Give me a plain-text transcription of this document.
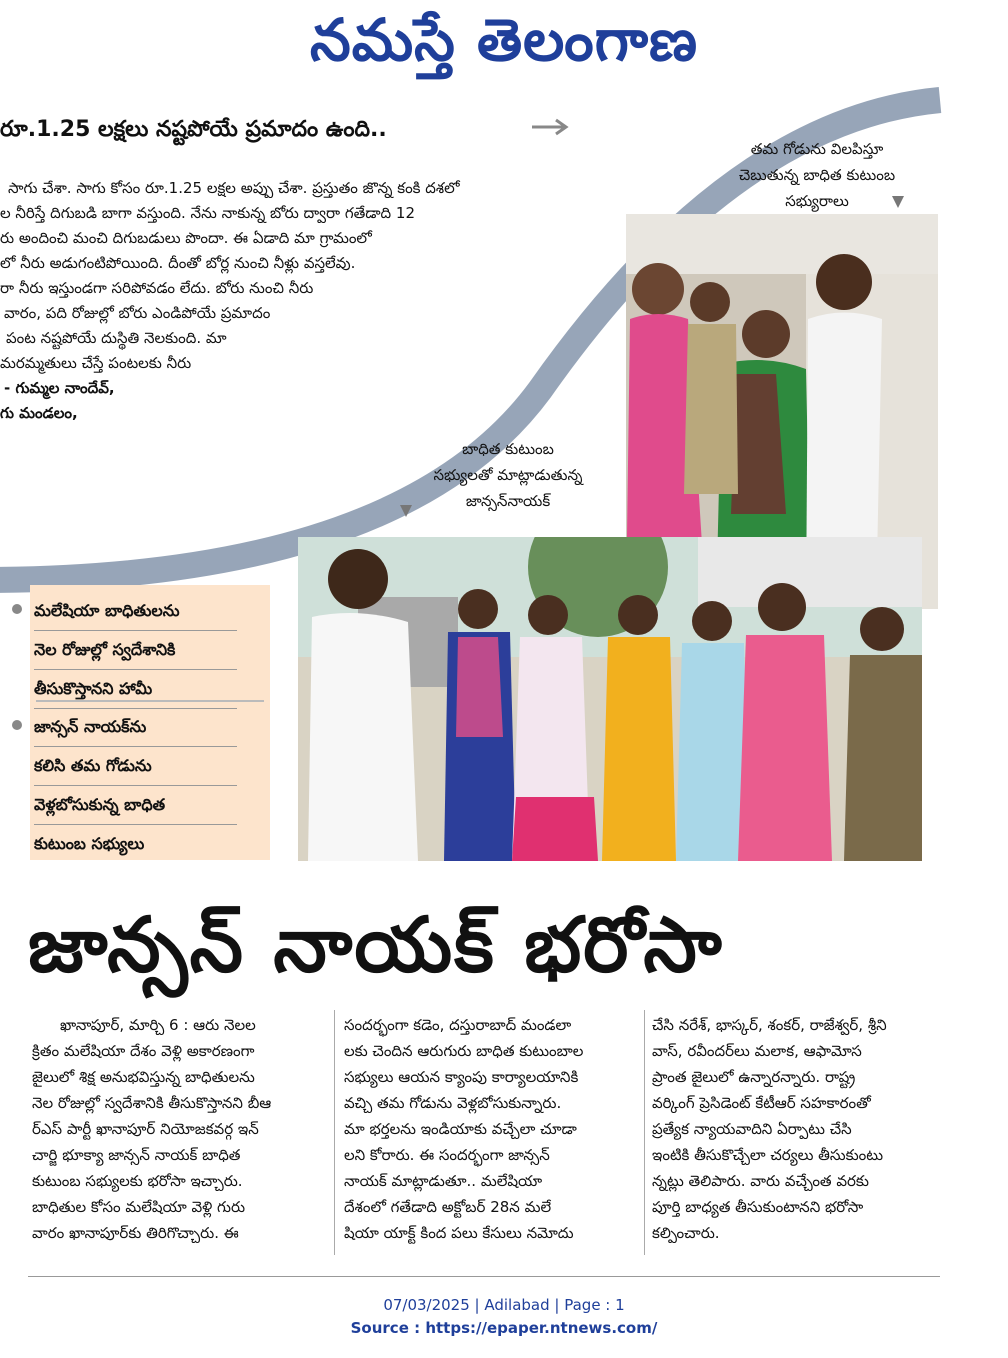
నమస్తే తెలంగాణ
రూ.1.25 లక్షలు నష్టపోయే ప్రమాదం ఉంది..
సాగు చేశా. సాగు కోసం రూ.1.25 లక్షల అప్పు చేశా. ప్రస్తుతం జొన్న కంకి దశలో
ల నీరిస్తే దిగుబడి బాగా వస్తుంది. నేను నాకున్న బోరు ద్వారా గతేడాది 12
రు అందించి మంచి దిగుబడులు పొందా. ఈ ఏడాది మా గ్రామంలో
లో నీరు అడుగంటిపోయింది. దీంతో బోర్ల నుంచి నీళ్లు వస్తలేవు.
రా నీరు ఇస్తుండగా సరిపోవడం లేదు. బోరు నుంచి నీరు
వారం, పది రోజుల్లో బోరు ఎండిపోయే ప్రమాదం
పంట నష్టపోయే దుస్థితి నెలకుంది. మా
మరమ్మతులు చేస్తే పంటలకు నీరు
- గుమ్మల నాందేవ్,
గు మండలం,
తమ గోడును విలపిస్తూ
చెబుతున్న బాధిత కుటుంబ
సభ్యురాలు
బాధిత కుటుంబ
సభ్యులతో మాట్లాడుతున్న
జాన్సన్‌నాయక్
మలేషియా బాధితులను
నెల రోజుల్లో స్వదేశానికి
తీసుకొస్తానని హామీ
జాన్సన్ నాయక్‌ను
కలిసి తమ గోడును
వెళ్లబోసుకున్న బాధిత
కుటుంబ సభ్యులు
జాన్సన్ నాయక్ భరోసా
ఖానాపూర్, మార్చి 6 : ఆరు నెలల
క్రితం మలేషియా దేశం వెళ్లి అకారణంగా
జైలులో శిక్ష అనుభవిస్తున్న బాధితులను
నెల రోజుల్లో స్వదేశానికి తీసుకొస్తానని బీఆ
ర్‌ఎస్ పార్టీ ఖానాపూర్ నియోజకవర్గ ఇన్
చార్జి భూక్యా జాన్సన్ నాయక్ బాధిత
కుటుంబ సభ్యులకు భరోసా ఇచ్చారు.
బాధితుల కోసం మలేషియా వెళ్లి గురు
వారం ఖానాపూర్‌కు తిరిగొచ్చారు. ఈ
సందర్భంగా కడెం, దస్తురాబాద్ మండలా
లకు చెందిన ఆరుగురు బాధిత కుటుంబాల
సభ్యులు ఆయన క్యాంపు కార్యాలయానికి
వచ్చి తమ గోడును వెళ్లబోసుకున్నారు.
మా భర్తలను ఇండియాకు వచ్చేలా చూడా
లని కోరారు. ఈ సందర్భంగా జాన్సన్
నాయక్ మాట్లాడుతూ.. మలేషియా
దేశంలో గతేడాది అక్టోబర్ 28న మలే
షియా యాక్ట్ కింద పలు కేసులు నమోదు
చేసి నరేశ్, భాస్కర్, శంకర్, రాజేశ్వర్, శ్రీని
వాస్, రవీందర్‌లు మలాక, ఆఫామోస
ప్రాంత జైలులో ఉన్నారన్నారు. రాష్ట్ర
వర్కింగ్ ప్రెసిడెంట్ కేటీఆర్ సహకారంతో
ప్రత్యేక న్యాయవాదిని ఏర్పాటు చేసి
ఇంటికి తీసుకొచ్చేలా చర్యలు తీసుకుంటు
న్నట్లు తెలిపారు. వారు వచ్చేంత వరకు
పూర్తి బాధ్యత తీసుకుంటానని భరోసా
కల్పించారు.
07/03/2025 | Adilabad | Page : 1
Source : https://epaper.ntnews.com/
